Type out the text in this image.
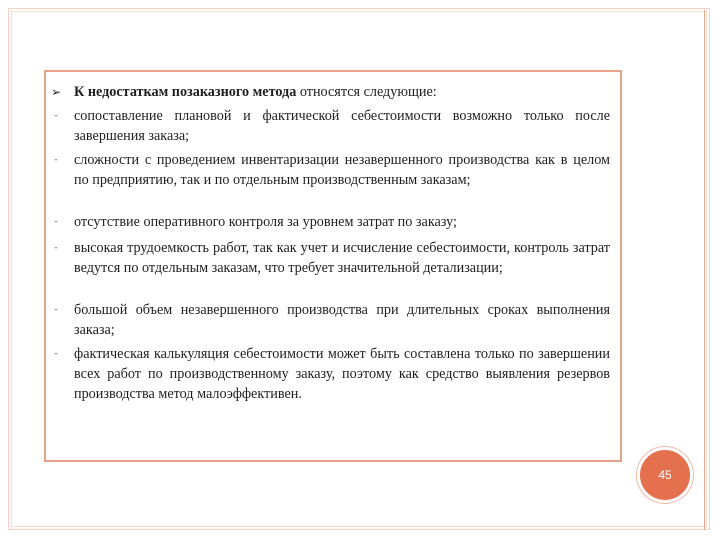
➢ К недостаткам позаказного метода относятся следующие:
-	сопоставление плановой и фактической себестоимости возможно только после завершения заказа;
-	сложности с проведением инвентаризации незавершенного производства как в целом по предприятию, так и по отдельным производственным заказам;
-	отсутствие оперативного контроля за уровнем затрат по заказу;
-	высокая трудоемкость работ, так как учет и исчисление себестоимости, контроль затрат ведутся по отдельным заказам, что требует значительной детализации;
-	большой объем незавершенного производства при длительных сроках выполнения заказа;
-	фактическая калькуляция себестоимости может быть составлена только по завершении всех работ по производственному заказу, поэтому как средство выявления резервов производства метод малоэффективен.
45
